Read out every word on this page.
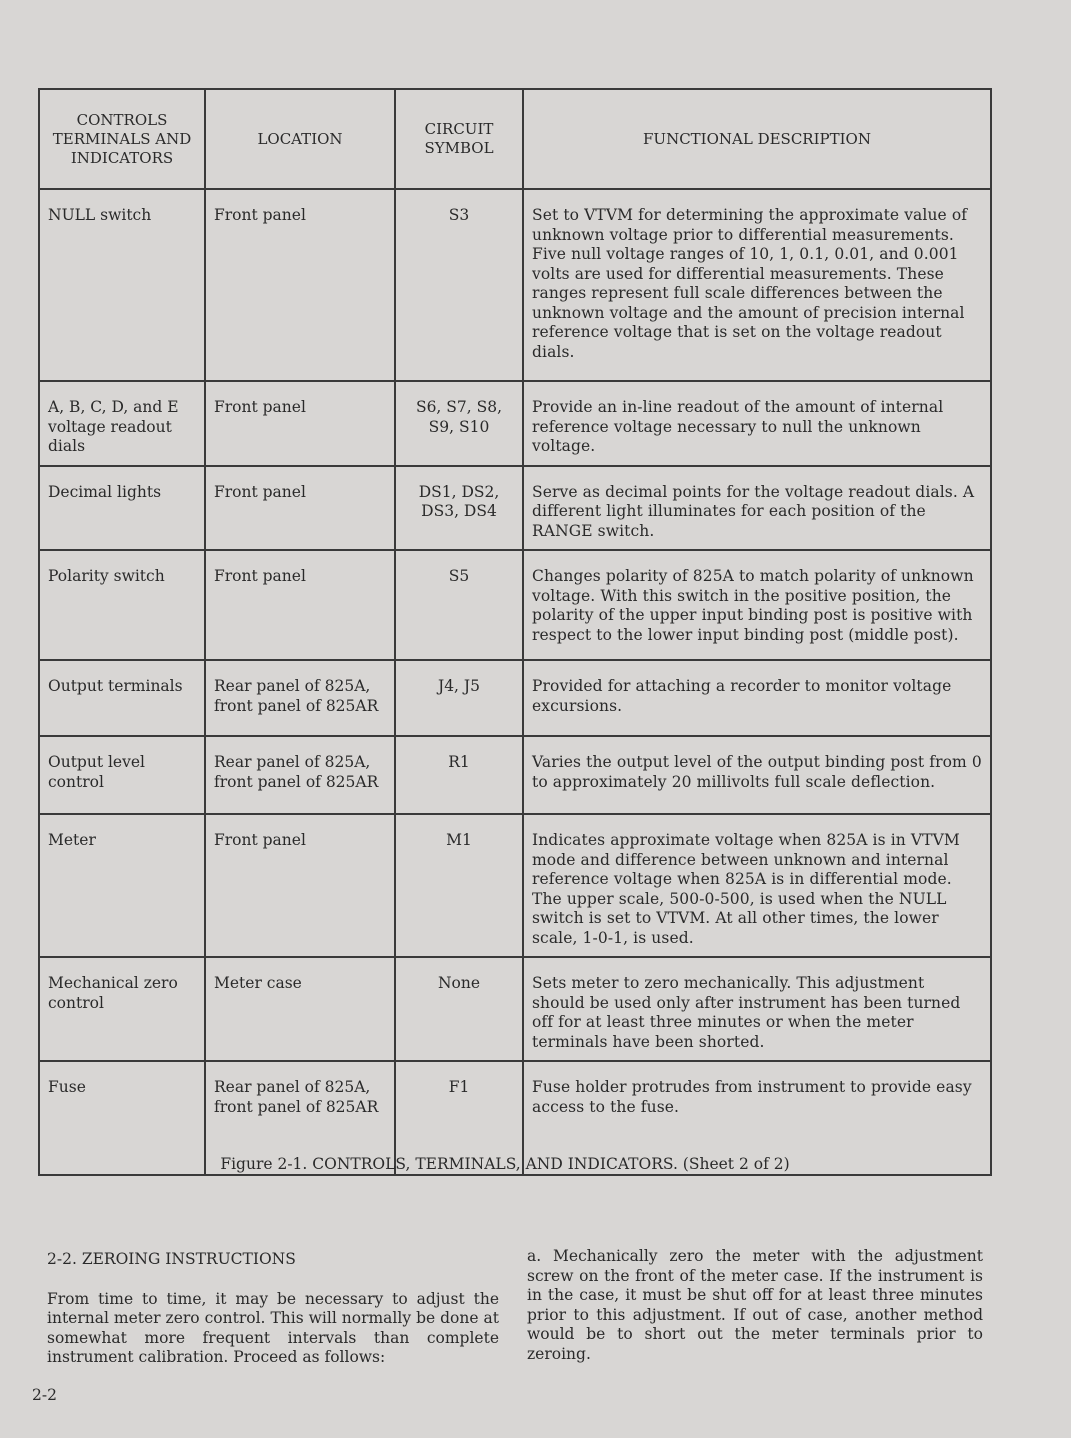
CONTROLS TERMINALS AND INDICATORS	LOCATION	CIRCUIT SYMBOL	FUNCTIONAL DESCRIPTION
NULL switch	Front panel	S3	Set to VTVM for determining the approximate value of unknown voltage prior to differential measurements. Five null voltage ranges of 10, 1, 0.1, 0.01, and 0.001 volts are used for differential measurements. These ranges represent full scale differences between the unknown voltage and the amount of precision internal reference voltage that is set on the voltage readout dials.
A, B, C, D, and E voltage readout dials	Front panel	S6, S7, S8, S9, S10	Provide an in-line readout of the amount of internal reference voltage necessary to null the unknown voltage.
Decimal lights	Front panel	DS1, DS2, DS3, DS4	Serve as decimal points for the voltage readout dials. A different light illuminates for each position of the RANGE switch.
Polarity switch	Front panel	S5	Changes polarity of 825A to match polarity of unknown voltage. With this switch in the positive position, the polarity of the upper input binding post is positive with respect to the lower input binding post (middle post).
Output terminals	Rear panel of 825A, front panel of 825AR	J4, J5	Provided for attaching a recorder to monitor voltage excursions.
Output level control	Rear panel of 825A, front panel of 825AR	R1	Varies the output level of the output binding post from 0 to approximately 20 millivolts full scale deflection.
Meter	Front panel	M1	Indicates approximate voltage when 825A is in VTVM mode and difference between unknown and internal reference voltage when 825A is in differential mode. The upper scale, 500-0-500, is used when the NULL switch is set to VTVM. At all other times, the lower scale, 1-0-1, is used.
Mechanical zero control	Meter case	None	Sets meter to zero mechanically. This adjustment should be used only after instrument has been turned off for at least three minutes or when the meter terminals have been shorted.
Fuse	Rear panel of 825A, front panel of 825AR	F1	Fuse holder protrudes from instrument to provide easy access to the fuse.
Figure 2-1. CONTROLS, TERMINALS, AND INDICATORS. (Sheet 2 of 2)
2-2. ZEROING INSTRUCTIONS

From time to time, it may be necessary to adjust the internal meter zero control. This will normally be done at somewhat more frequent intervals than complete instrument calibration. Proceed as follows:

a. Mechanically zero the meter with the adjustment screw on the front of the meter case. If the instrument is in the case, it must be shut off for at least three minutes prior to this adjustment. If out of case, another method would be to short out the meter terminals prior to zeroing.

2-2
